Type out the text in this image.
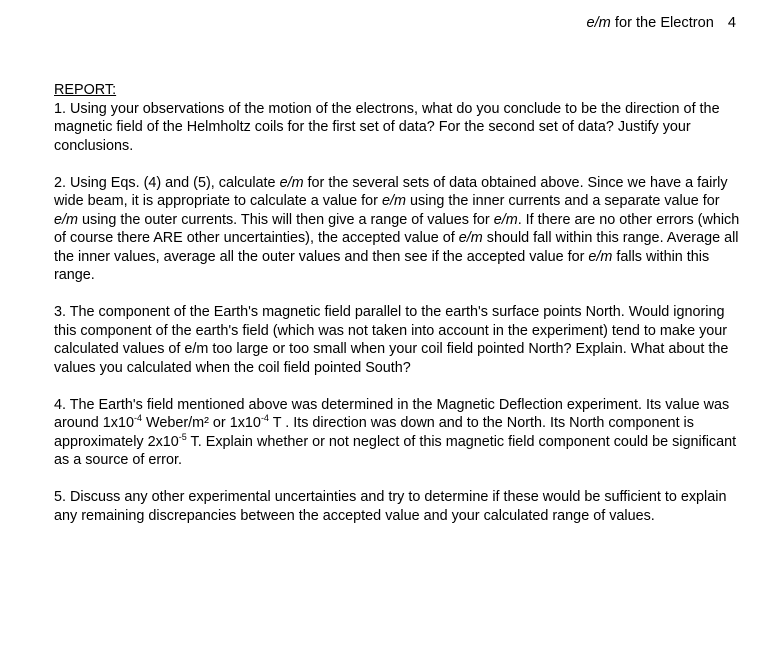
e/m for the Electron 4

REPORT:

1. Using your observations of the motion of the electrons, what do you conclude to be the direction of the magnetic field of the Helmholtz coils for the first set of data? For the second set of data? Justify your conclusions.

2. Using Eqs. (4) and (5), calculate e/m for the several sets of data obtained above. Since we have a fairly wide beam, it is appropriate to calculate a value for e/m using the inner currents and a separate value for e/m using the outer currents. This will then give a range of values for e/m. If there are no other errors (which of course there ARE other uncertainties), the accepted value of e/m should fall within this range. Average all the inner values, average all the outer values and then see if the accepted value for e/m falls within this range.

3. The component of the Earth's magnetic field parallel to the earth's surface points North. Would ignoring this component of the earth's field (which was not taken into account in the experiment) tend to make your calculated values of e/m too large or too small when your coil field pointed North? Explain. What about the values you calculated when the coil field pointed South?

4. The Earth's field mentioned above was determined in the Magnetic Deflection experiment. Its value was around $1x10^{-4}$ Weber/m² or $1x10^{-4}$ T . Its direction was down and to the North. Its North component is approximately $2x10^{-5}$ T. Explain whether or not neglect of this magnetic field component could be significant as a source of error.

5. Discuss any other experimental uncertainties and try to determine if these would be sufficient to explain any remaining discrepancies between the accepted value and your calculated range of values.
